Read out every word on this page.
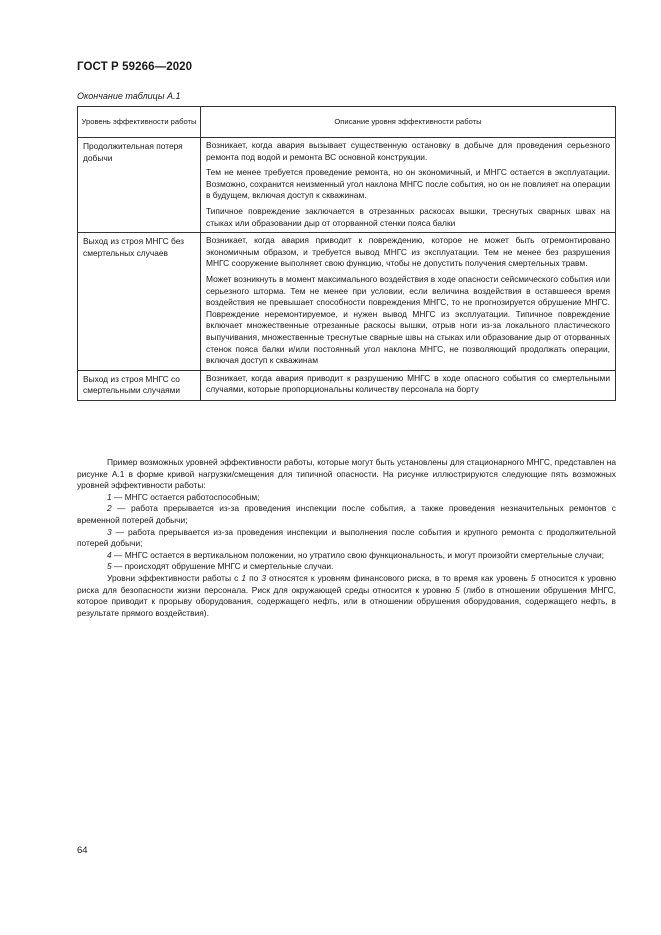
ГОСТ Р 59266—2020
Окончание таблицы А.1
Уровень эффективности работы	Описание уровня эффективности работы
Продолжительная потеря добычи	Возникает, когда авария вызывает существенную остановку в добыче для проведения серьезного ремонта под водой и ремонта ВС основной конструкции.

Тем не менее требуется проведение ремонта, но он экономичный, и МНГС остается в эксплуатации. Возможно, сохранится неизменный угол наклона МНГС после события, но он не повлияет на операции в будущем, включая доступ к скважинам.

Типичное повреждение заключается в отрезанных раскосах вышки, треснутых сварных швах на стыках или образовании дыр от оторванной стенки пояса балки

Выход из строя МНГС без смертельных случаев	Возникает, когда авария приводит к повреждению, которое не может быть отремонтировано экономичным образом, и требуется вывод МНГС из эксплуатации. Тем не менее без разрушения МНГС сооружение выполняет свою функцию, чтобы не допустить получения смертельных травм.

Может возникнуть в момент максимального воздействия в ходе опасности сейсмического события или серьезного шторма. Тем не менее при условии, если величина воздействия в оставшееся время воздействия не превышает способности повреждения МНГС, то не прогнозируется обрушение МНГС. Повреждение неремонтируемое, и нужен вывод МНГС из эксплуатации. Типичное повреждение включает множественные отрезанные раскосы вышки, отрыв ноги из-за локального пластического выпучивания, множественные треснутые сварные швы на стыках или образование дыр от оторванных стенок пояса балки и/или постоянный угол наклона МНГС, не позволяющий продолжать операции, включая доступ к скважинам

Выход из строя МНГС со смертельными случаями	Возникает, когда авария приводит к разрушению МНГС в ходе опасного события со смертельными случаями, которые пропорциональны количеству персонала на борту

Пример возможных уровней эффективности работы, которые могут быть установлены для стационарного МНГС, представлен на рисунке А.1 в форме кривой нагрузки/смещения для типичной опасности. На рисунке иллюстрируются следующие пять возможных уровней эффективности работы:

1 — МНГС остается работоспособным;

2 — работа прерывается из-за проведения инспекции после события, а также проведения незначительных ремонтов с временной потерей добычи;

3 — работа прерывается из-за проведения инспекции и выполнения после события и крупного ремонта с продолжительной потерей добычи;

4 — МНГС остается в вертикальном положении, но утратило свою функциональность, и могут произойти смертельные случаи;

5 — происходят обрушение МНГС и смертельные случаи.

Уровни эффективности работы с 1 по 3 относятся к уровням финансового риска, в то время как уровень 5 относится к уровню риска для безопасности жизни персонала. Риск для окружающей среды относится к уровню 5 (либо в отношении обрушения МНГС, которое приводит к прорыву оборудования, содержащего нефть, или в отношении обрушения оборудования, содержащего нефть, в результате прямого воздействия).

64
